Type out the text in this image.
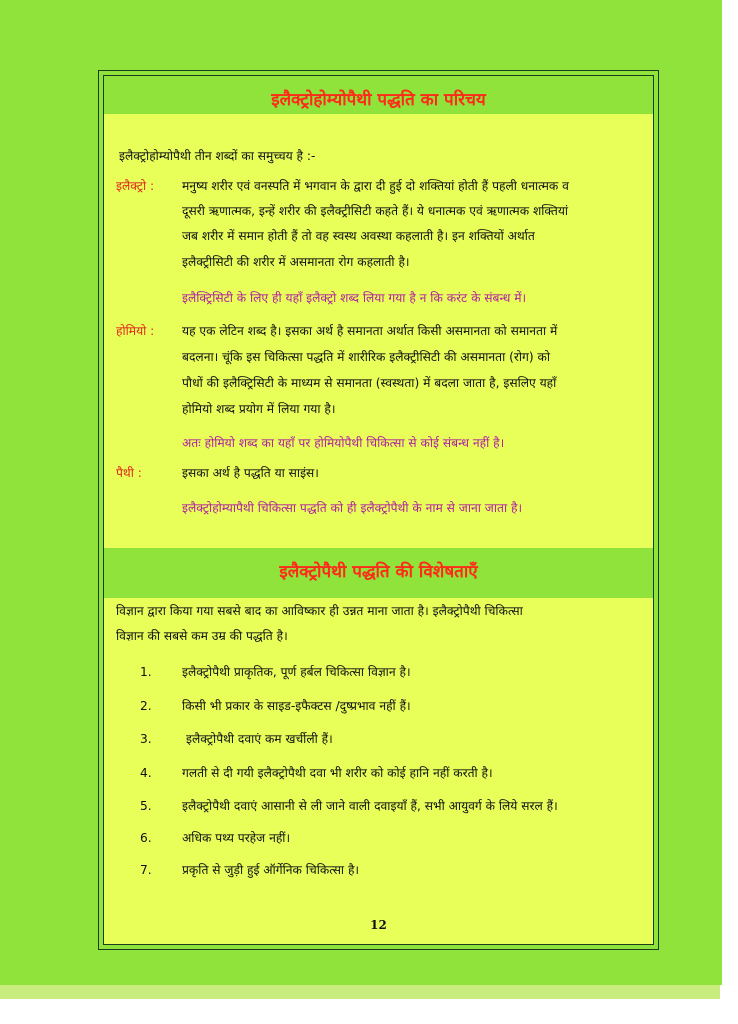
इलैक्ट्रोहोम्योपैथी पद्धति का परिचय
इलैक्ट्रोहोम्योपैथी तीन शब्दों का समुच्चय है :-
इलैक्ट्रो : मनुष्य शरीर एवं वनस्पति में भगवान के द्वारा दी हुई दो शक्तियां होती हैं पहली धनात्मक व
दूसरी ऋणात्मक, इन्हें शरीर की इलैक्ट्रीसिटी कहते हैं। ये धनात्मक एवं ऋणात्मक शक्तियां
जब शरीर में समान होती हैं तो वह स्वस्थ अवस्था कहलाती है। इन शक्तियों अर्थात
इलैक्ट्रीसिटी की शरीर में असमानता रोग कहलाती है।
इलैक्ट्रिसिटी के लिए ही यहाँ इलैक्ट्रो शब्द लिया गया है न कि करंट के संबन्ध में।
होमियो : यह एक लेटिन शब्द है। इसका अर्थ है समानता अर्थात किसी असमानता को समानता में
बदलना। चूंकि इस चिकित्सा पद्धति में शारीरिक इलैक्ट्रीसिटी की असमानता (रोग) को
पौधों की इलैक्ट्रिसिटी के माध्यम से समानता (स्वस्थता) में बदला जाता है, इसलिए यहाँ
होमियो शब्द प्रयोग में लिया गया है।
अतः होमियो शब्द का यहाँ पर होमियोपैथी चिकित्सा से कोई संबन्ध नहीं है।
पैथी :	इसका अर्थ है पद्धति या साइंस।
इलैक्ट्रोहोम्यापैथी चिकित्सा पद्धति को ही इलैक्ट्रोपैथी के नाम से जाना जाता है।
इलैक्ट्रोपैथी पद्धति की विशेषताएँ
विज्ञान द्वारा किया गया सबसे बाद का आविष्कार ही उन्नत माना जाता है। इलैक्ट्रोपैथी चिकित्सा
विज्ञान की सबसे कम उम्र की पद्धति है।
1. इलैक्ट्रोपैथी प्राकृतिक, पूर्ण हर्बल चिकित्सा विज्ञान है।
2. किसी भी प्रकार के साइड-इफैक्टस /दुष्प्रभाव नहीं हैं।
3.	इलैक्ट्रोपैथी दवाएं कम खर्चीली हैं।
4. गलती से दी गयी इलैक्ट्रोपैथी दवा भी शरीर को कोई हानि नहीं करती है।
5. इलैक्ट्रोपैथी दवाएं आसानी से ली जाने वाली दवाइयाँ हैं, सभी आयुवर्ग के लिये सरल हैं।
6. अधिक पथ्य परहेज नहीं।
7. प्रकृति से जुड़ी हुई ऑर्गेनिक चिकित्सा है।
12
